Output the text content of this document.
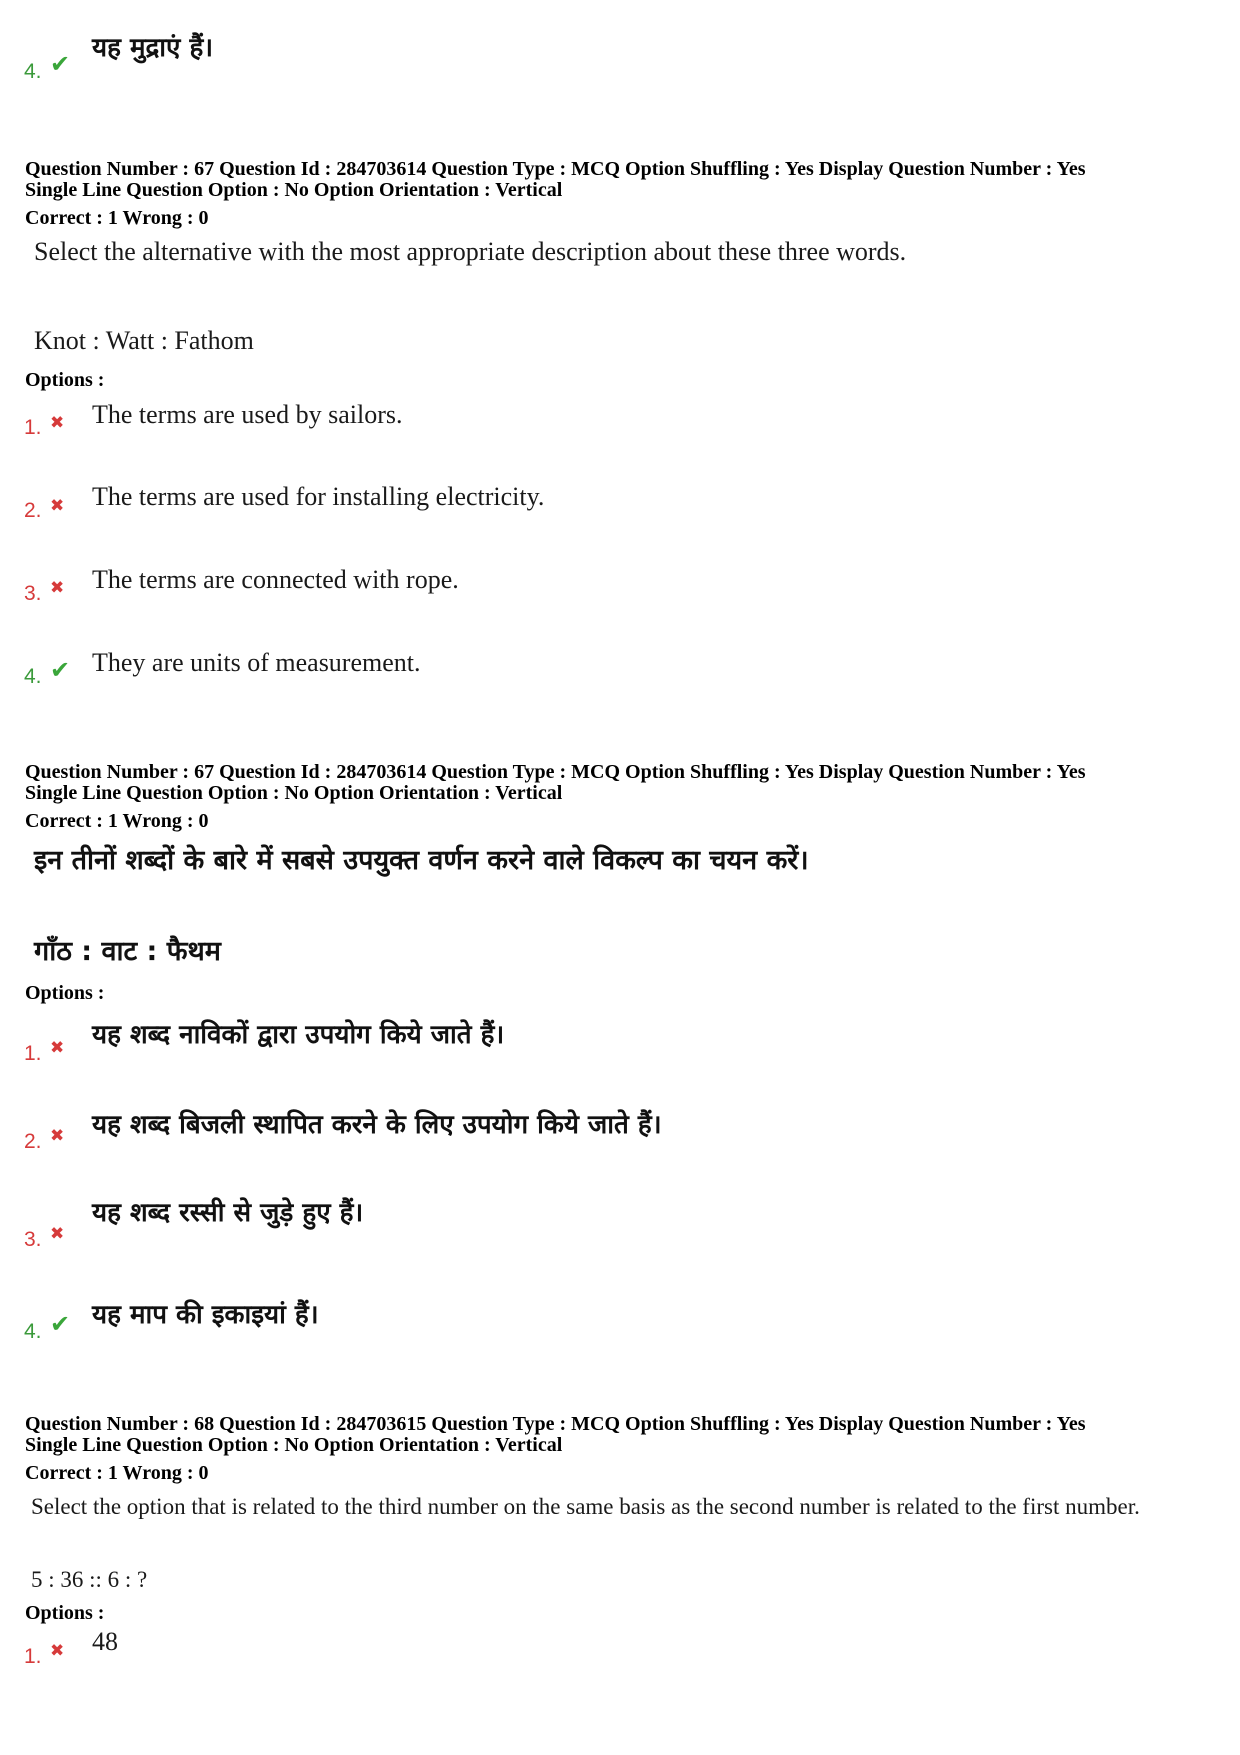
4. ✔
यह मुद्राएं हैं।
Question Number : 67 Question Id : 284703614 Question Type : MCQ Option Shuffling : Yes Display Question Number : Yes
Single Line Question Option : No Option Orientation : Vertical
Correct : 1 Wrong : 0
Select the alternative with the most appropriate description about these three words.
Knot : Watt : Fathom
Options :
1. ✖ The terms are used by sailors.
2. ✖ The terms are used for installing electricity.
3. ✖ The terms are connected with rope.
4. ✔ They are units of measurement.
Question Number : 67 Question Id : 284703614 Question Type : MCQ Option Shuffling : Yes Display Question Number : Yes
Single Line Question Option : No Option Orientation : Vertical
Correct : 1 Wrong : 0
इन तीनों शब्दों के बारे में सबसे उपयुक्त वर्णन करने वाले विकल्प का चयन करें।
गाँठ : वाट : फैथम
Options :
1. ✖ यह शब्द नाविकों द्वारा उपयोग किये जाते हैं।
2. ✖ यह शब्द बिजली स्थापित करने के लिए उपयोग किये जाते हैं।
3. ✖
यह शब्द रस्सी से जुड़े हुए हैं।
4. ✔ यह माप की इकाइयां हैं।
Question Number : 68 Question Id : 284703615 Question Type : MCQ Option Shuffling : Yes Display Question Number : Yes
Single Line Question Option : No Option Orientation : Vertical
Correct : 1 Wrong : 0
Select the option that is related to the third number on the same basis as the second number is related to the first number.
5 : 36 :: 6 : ?
Options :
1. ✖ 48
